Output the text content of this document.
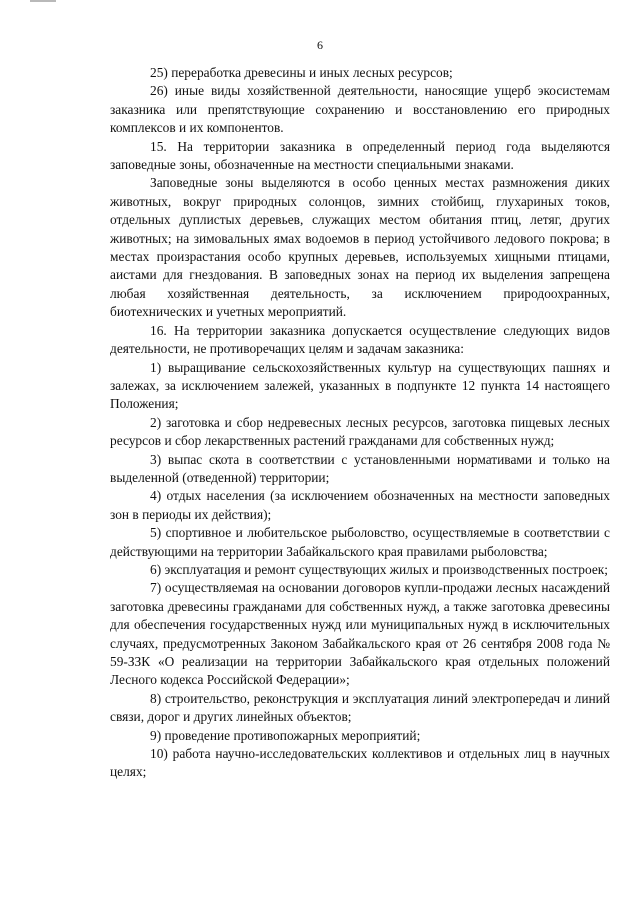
6

25) переработка древесины и иных лесных ресурсов;

26) иные виды хозяйственной деятельности, наносящие ущерб экосистемам заказника или препятствующие сохранению и восстановлению его природных комплексов и их компонентов.

15. На территории заказника в определенный период года выделяются заповедные зоны, обозначенные на местности специальными знаками.

Заповедные зоны выделяются в особо ценных местах размножения диких животных, вокруг природных солонцов, зимних стойбищ, глухариных токов, отдельных дуплистых деревьев, служащих местом обитания птиц, летяг, других животных; на зимовальных ямах водоемов в период устойчивого ледового покрова; в местах произрастания особо крупных деревьев, используемых хищными птицами, аистами для гнездования. В заповедных зонах на период их выделения запрещена любая хозяйственная деятельность, за исключением природоохранных, биотехнических и учетных мероприятий.

16. На территории заказника допускается осуществление следующих видов деятельности, не противоречащих целям и задачам заказника:

1) выращивание сельскохозяйственных культур на существующих пашнях и залежах, за исключением залежей, указанных в подпункте 12 пункта 14 настоящего Положения;

2) заготовка и сбор недревесных лесных ресурсов, заготовка пищевых лесных ресурсов и сбор лекарственных растений гражданами для собственных нужд;

3) выпас скота в соответствии с установленными нормативами и только на выделенной (отведенной) территории;

4) отдых населения (за исключением обозначенных на местности заповедных зон в периоды их действия);

5) спортивное и любительское рыболовство, осуществляемые в соответствии с действующими на территории Забайкальского края правилами рыболовства;

6) эксплуатация и ремонт существующих жилых и производственных построек;

7) осуществляемая на основании договоров купли-продажи лесных насаждений заготовка древесины гражданами для собственных нужд, а также заготовка древесины для обеспечения государственных нужд или муниципальных нужд в исключительных случаях, предусмотренных Законом Забайкальского края от 26 сентября 2008 года № 59-ЗЗК «О реализации на территории Забайкальского края отдельных положений Лесного кодекса Российской Федерации»;

8) строительство, реконструкция и эксплуатация линий электропередач и линий связи, дорог и других линейных объектов;

9) проведение противопожарных мероприятий;

10) работа научно-исследовательских коллективов и отдельных лиц в научных целях;
